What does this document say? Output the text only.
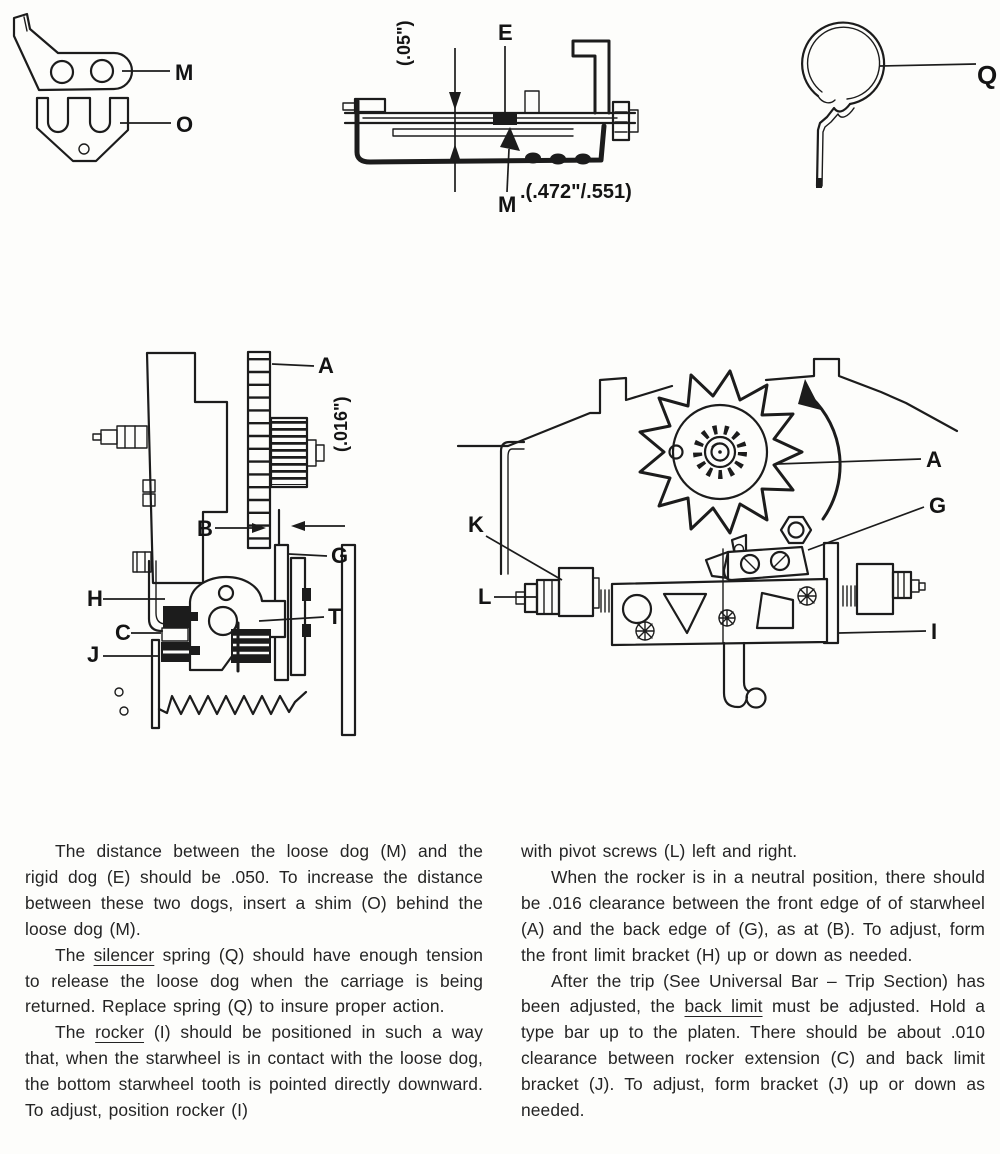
M
O
(.05")	E
M .(.472"/.551)
Q
A
(.016")
B
G
H
C
J
T
A
G
K
L
I

The distance between the loose dog (M) and the rigid dog (E) should be .050. To increase the distance between these two dogs, insert a shim (O) behind the loose dog (M).

The silencer spring (Q) should have enough tension to release the loose dog when the carriage is being returned. Replace spring (Q) to insure proper action.

The rocker (I) should be positioned in such a way that, when the starwheel is in contact with the loose dog, the bottom starwheel tooth is pointed directly downward. To adjust, position rocker (I)

with pivot screws (L) left and right.

When the rocker is in a neutral position, there should be .016 clearance between the front edge of of starwheel (A) and the back edge of (G), as at (B). To adjust, form the front limit bracket (H) up or down as needed.

After the trip (See Universal Bar – Trip Section) has been adjusted, the back limit must be adjusted. Hold a type bar up to the platen. There should be about .010 clearance between rocker extension (C) and back limit bracket (J). To adjust, form bracket (J) up or down as needed.
